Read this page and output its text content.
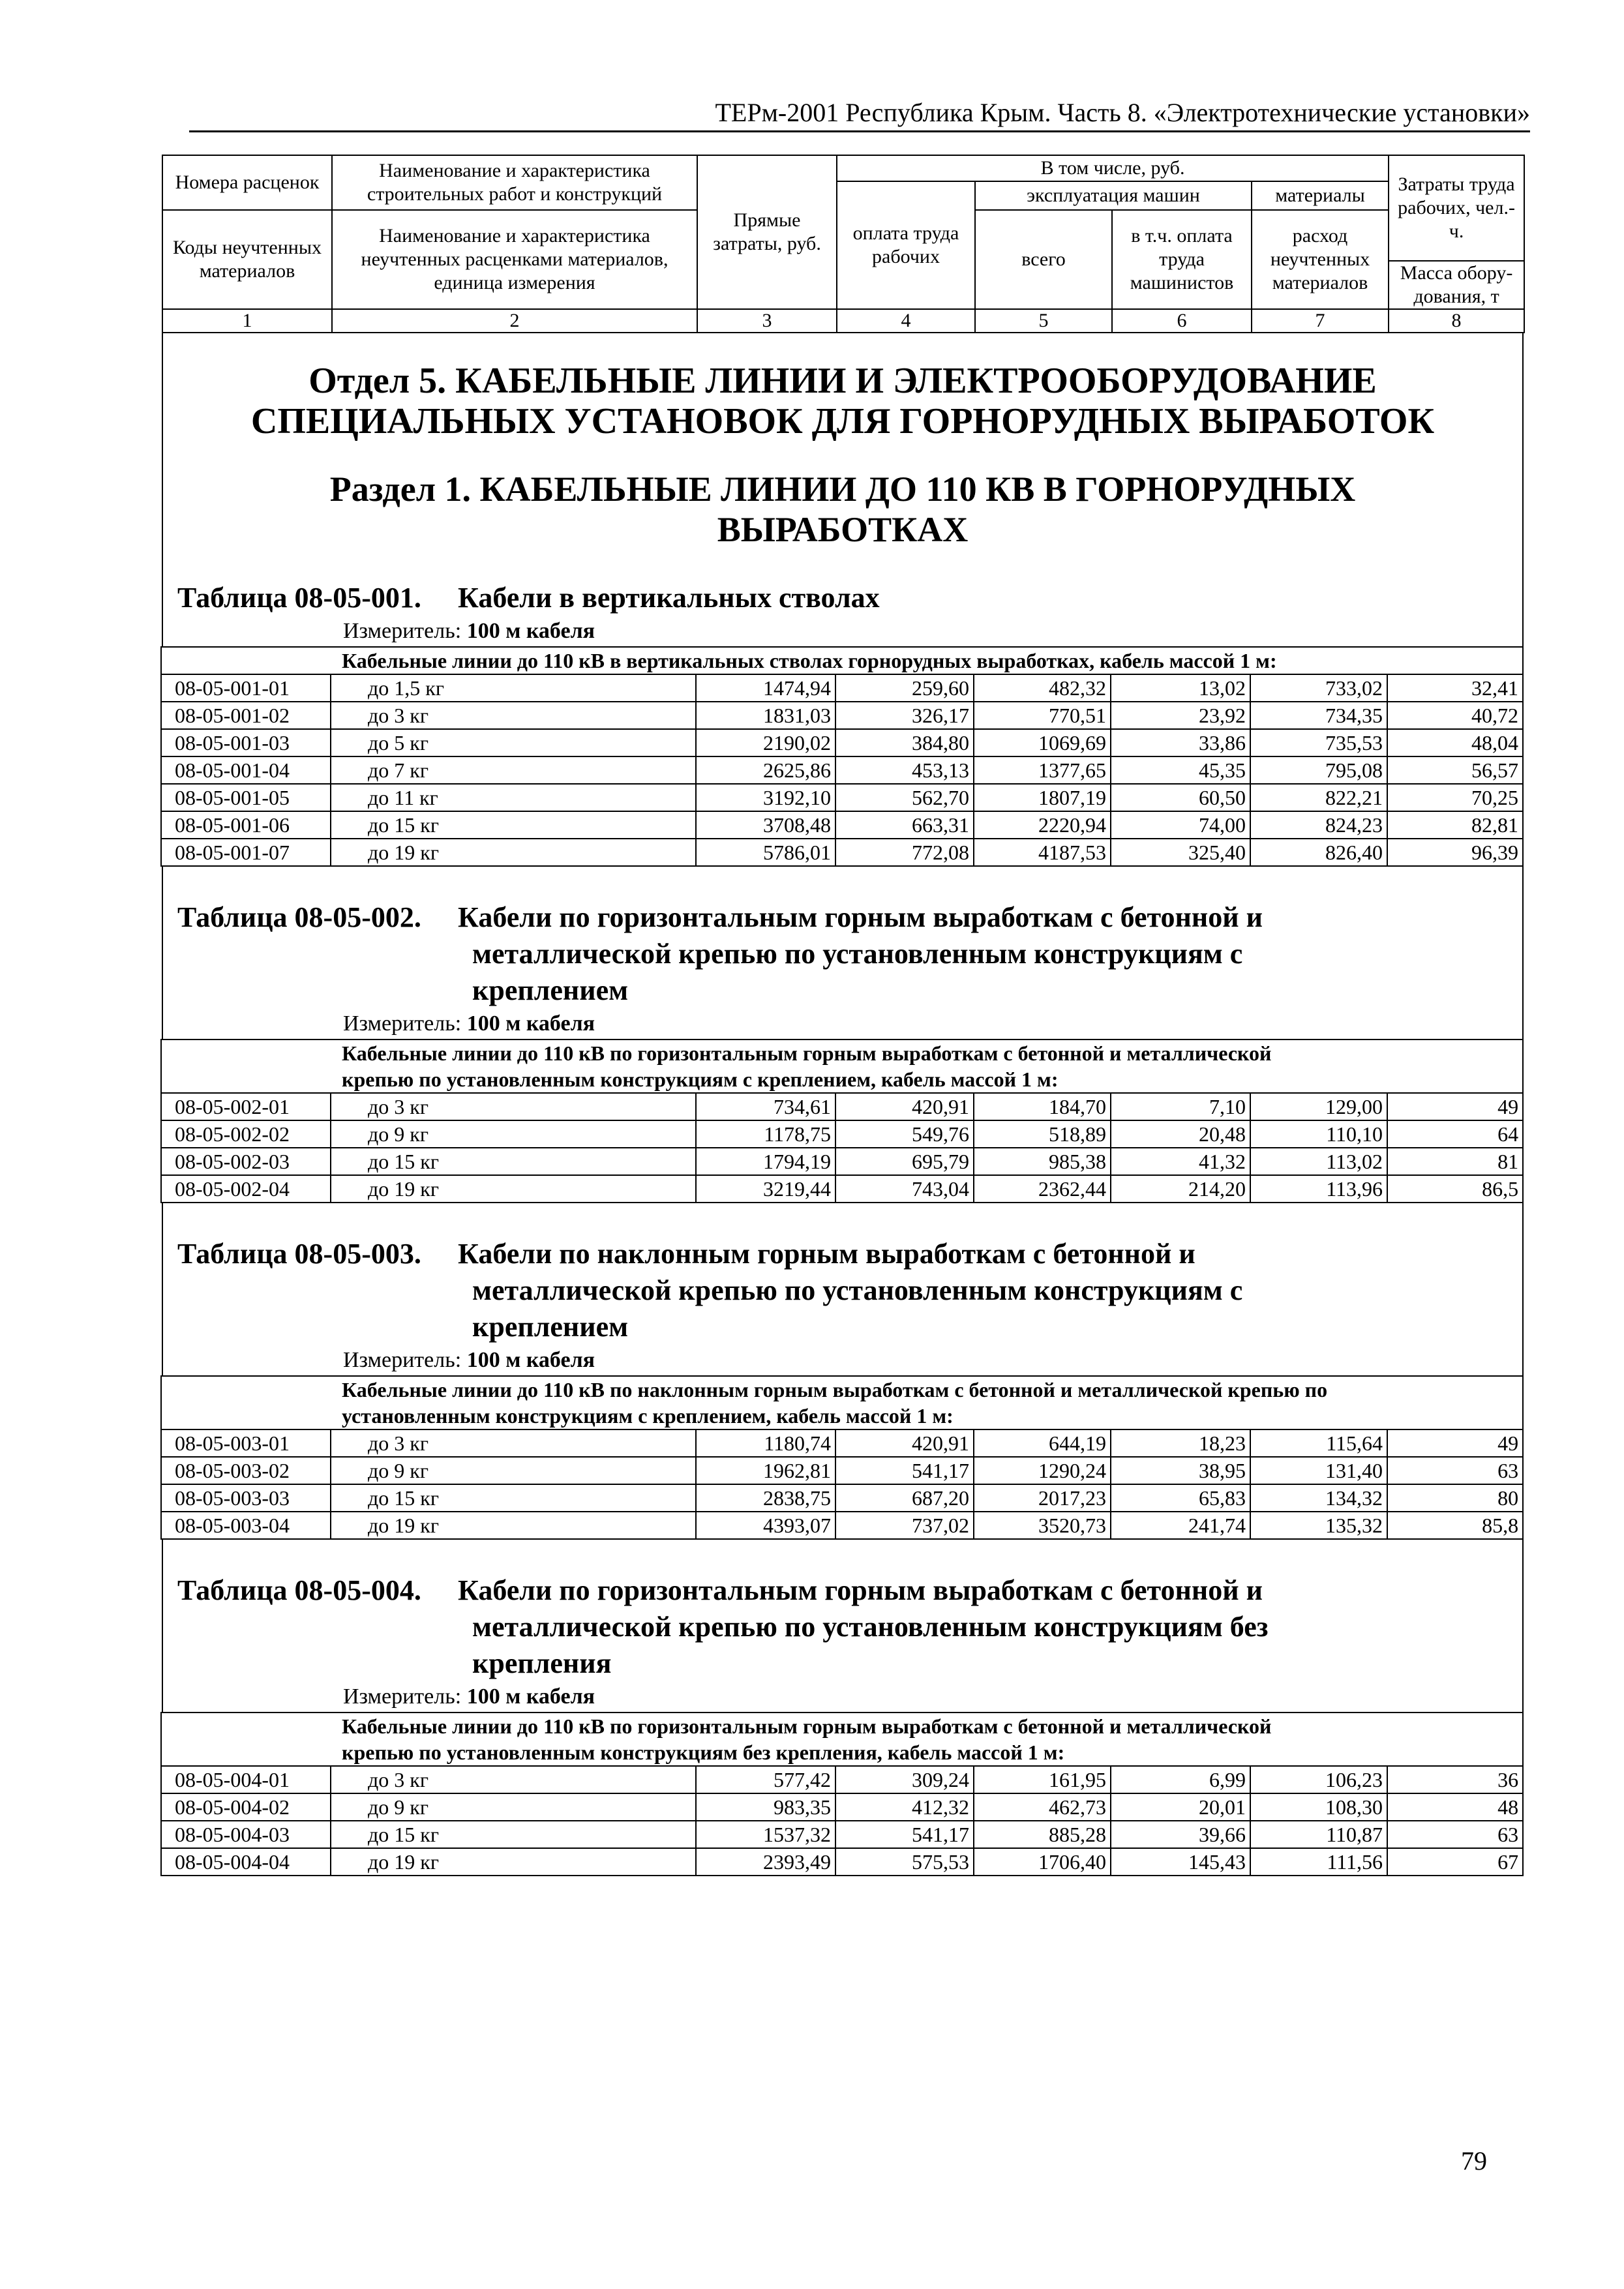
ТЕРм-2001 Республика Крым. Часть 8. «Электротехнические установки»
Номера расценок	Наименование и характеристика строительных работ и конструкций	Прямые затраты, руб.	В том числе, руб.				Затраты труда рабочих, чел.-ч.
			оплата труда рабочих	эксплуатация машин		материалы	
Коды неучтенных материалов	Наименование и характеристика неучтенных расценками материалов, единица измерения			всего	в т.ч. оплата труда машинистов	расход неучтенных материалов	
							Масса обору-дования, т
1	2	3	4	5	6	7	8
Отдел 5. КАБЕЛЬНЫЕ ЛИНИИ И ЭЛЕКТРООБОРУДОВАНИЕ
СПЕЦИАЛЬНЫХ УСТАНОВОК ДЛЯ ГОРНОРУДНЫХ ВЫРАБОТОК
Раздел 1. КАБЕЛЬНЫЕ ЛИНИИ ДО 110 КВ В ГОРНОРУДНЫХ
ВЫРАБОТКАХ
Таблица 08-05-001. Кабели в вертикальных стволах
Измеритель: 100 м кабеля
Кабельные линии до 110 кВ в вертикальных стволах горнорудных выработках, кабель массой 1 м:							

08-05-001-01	до 1,5 кг	1474,94	259,60	482,32	13,02	733,02	32,41
08-05-001-02	до 3 кг	1831,03	326,17	770,51	23,92	734,35	40,72
08-05-001-03	до 5 кг	2190,02	384,80	1069,69	33,86	735,53	48,04
08-05-001-04	до 7 кг	2625,86	453,13	1377,65	45,35	795,08	56,57
08-05-001-05	до 11 кг	3192,10	562,70	1807,19	60,50	822,21	70,25
08-05-001-06	до 15 кг	3708,48	663,31	2220,94	74,00	824,23	82,81
08-05-001-07	до 19 кг	5786,01	772,08	4187,53	325,40	826,40	96,39
Таблица 08-05-002. Кабели по горизонтальным горным выработкам с бетонной и
металлической крепью по установленным конструкциям с
креплением
Измеритель: 100 м кабеля
Кабельные линии до 110 кВ по горизонтальным горным выработкам с бетонной и металлической
крепью по установленным конструкциям с креплением, кабель массой 1 м:							

08-05-002-01	до 3 кг	734,61	420,91	184,70	7,10	129,00	49
08-05-002-02	до 9 кг	1178,75	549,76	518,89	20,48	110,10	64
08-05-002-03	до 15 кг	1794,19	695,79	985,38	41,32	113,02	81
08-05-002-04	до 19 кг	3219,44	743,04	2362,44	214,20	113,96	86,5
Таблица 08-05-003. Кабели по наклонным горным выработкам с бетонной и
металлической крепью по установленным конструкциям с
креплением
Измеритель: 100 м кабеля
Кабельные линии до 110 кВ по наклонным горным выработкам с бетонной и металлической крепью по
установленным конструкциям с креплением, кабель массой 1 м:							

08-05-003-01	до 3 кг	1180,74	420,91	644,19	18,23	115,64	49
08-05-003-02	до 9 кг	1962,81	541,17	1290,24	38,95	131,40	63
08-05-003-03	до 15 кг	2838,75	687,20	2017,23	65,83	134,32	80
08-05-003-04	до 19 кг	4393,07	737,02	3520,73	241,74	135,32	85,8
Таблица 08-05-004. Кабели по горизонтальным горным выработкам с бетонной и
металлической крепью по установленным конструкциям без
крепления
Измеритель: 100 м кабеля
Кабельные линии до 110 кВ по горизонтальным горным выработкам с бетонной и металлической
крепью по установленным конструкциям без крепления, кабель массой 1 м:							

08-05-004-01	до 3 кг	577,42	309,24	161,95	6,99	106,23	36
08-05-004-02	до 9 кг	983,35	412,32	462,73	20,01	108,30	48
08-05-004-03	до 15 кг	1537,32	541,17	885,28	39,66	110,87	63
08-05-004-04	до 19 кг	2393,49	575,53	1706,40	145,43	111,56	67
79
